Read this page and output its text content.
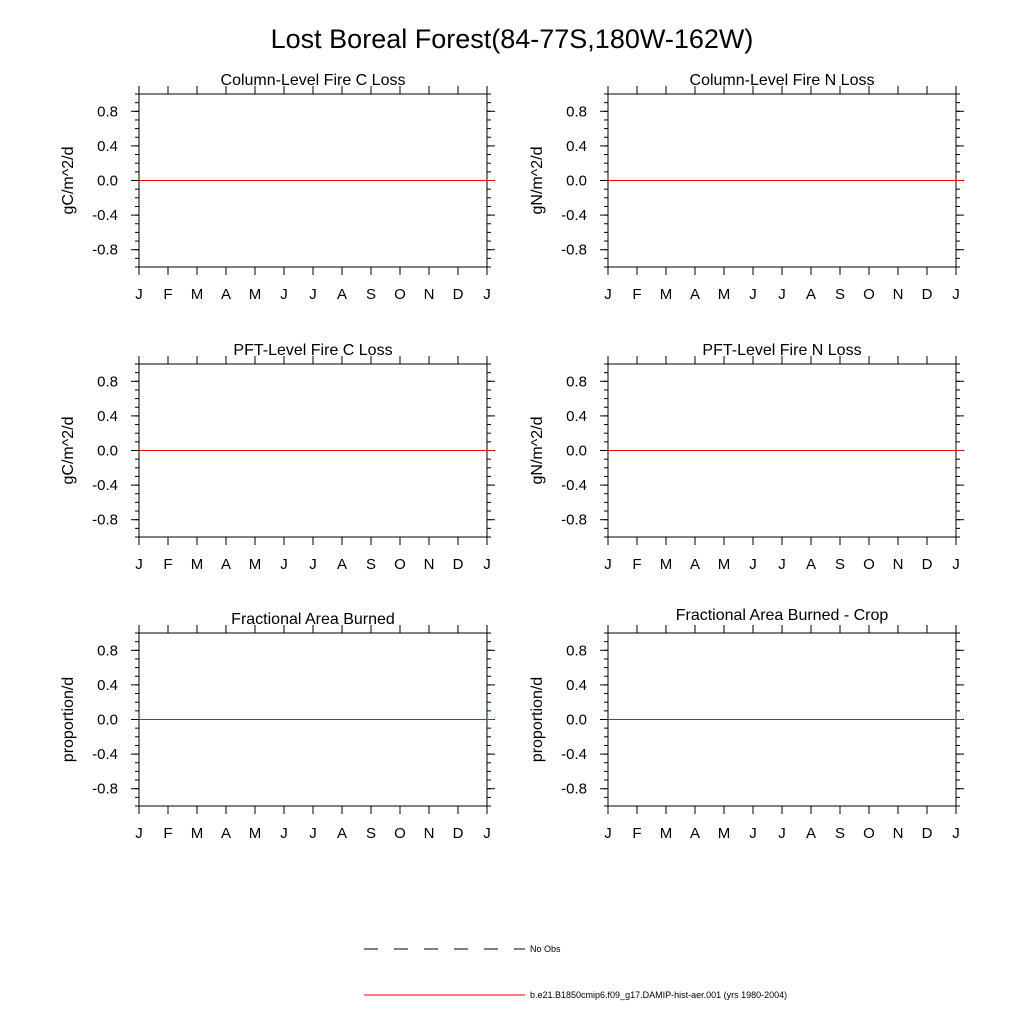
Lost Boreal Forest(84-77S,180W-162W)
Column-Level Fire C Loss
gC/m^2/d
0.8
0.4
0.0
-0.4
-0.8
J F M A M J J A S O N D J
Column-Level Fire N Loss
gN/m^2/d
0.8
0.4
0.0
-0.4
-0.8
J F M A M J J A S O N D J
PFT-Level Fire C Loss
gC/m^2/d
0.8
0.4
0.0
-0.4
-0.8
J F M A M J J A S O N D J
PFT-Level Fire N Loss
gN/m^2/d
0.8
0.4
0.0
-0.4
-0.8
J F M A M J J A S O N D J
Fractional Area Burned
proportion/d
0.8
0.4
0.0
-0.4
-0.8
J F M A M J J A S O N D J
Fractional Area Burned - Crop
proportion/d
0.8
0.4
0.0
-0.4
-0.8
J F M A M J J A S O N D J
No Obs
b.e21.B1850cmip6.f09_g17.DAMIP-hist-aer.001 (yrs 1980-2004)
